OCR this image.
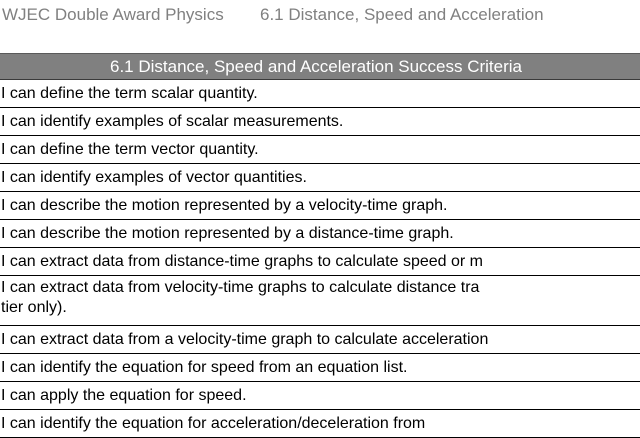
WJEC Double Award Physics 6.1 Distance, Speed and Acceleration
6.1 Distance, Speed and Acceleration Success Criteria
I can define the term scalar quantity.
I can identify examples of scalar measurements.
I can define the term vector quantity.
I can identify examples of vector quantities.
I can describe the motion represented by a velocity-time graph.
I can describe the motion represented by a distance-time graph.
I can extract data from distance-time graphs to calculate speed or m

I can extract data from velocity-time graphs to calculate distance tra
tier only).

I can extract data from a velocity-time graph to calculate acceleration
I can identify the equation for speed from an equation list.
I can apply the equation for speed.
I can identify the equation for acceleration/deceleration from
